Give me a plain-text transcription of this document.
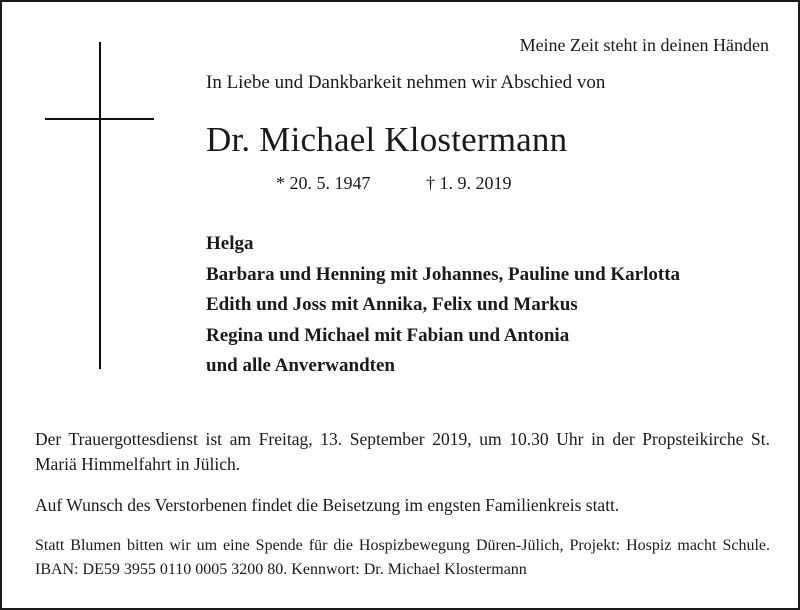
Meine Zeit steht in deinen Händen
In Liebe und Dankbarkeit nehmen wir Abschied von
Dr. Michael Klostermann
* 20. 5. 1947	† 1. 9. 2019
Helga
Barbara und Henning mit Johannes, Pauline und Karlotta
Edith und Joss mit Annika, Felix und Markus
Regina und Michael mit Fabian und Antonia
und alle Anverwandten
Der Trauergottesdienst ist am Freitag, 13. September 2019, um 10.30 Uhr in der Propsteikirche St. Mariä Himmelfahrt in Jülich.
Auf Wunsch des Verstorbenen findet die Beisetzung im engsten Familienkreis statt.
Statt Blumen bitten wir um eine Spende für die Hospizbewegung Düren-Jülich, Projekt: Hospiz macht Schule. IBAN: DE59 3955 0110 0005 3200 80. Kennwort: Dr. Michael Klostermann
